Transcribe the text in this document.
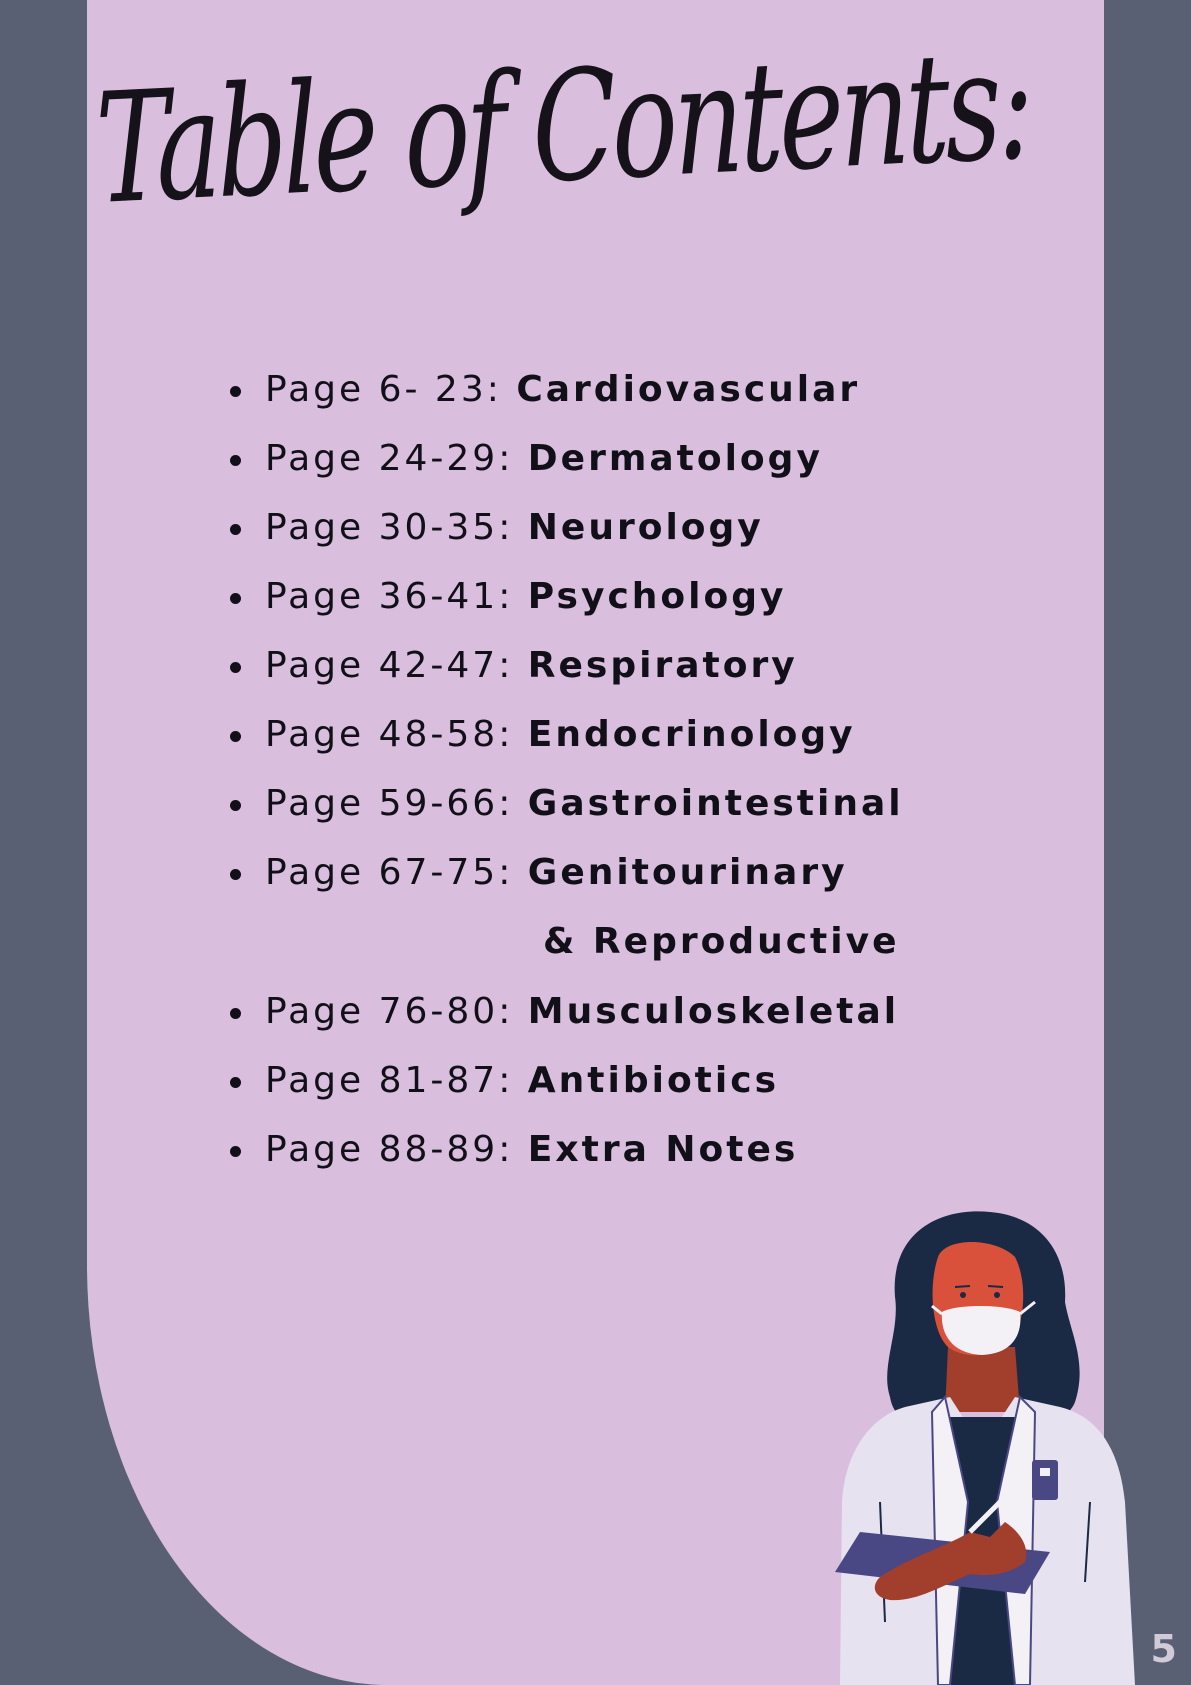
Table of Contents:
Page 6- 23: Cardiovascular
Page 24-29: Dermatology
Page 30-35: Neurology
Page 36-41: Psychology
Page 42-47: Respiratory
Page 48-58: Endocrinology
Page 59-66: Gastrointestinal
Page 67-75: Genitourinary
& Reproductive
Page 76-80: Musculoskeletal
Page 81-87: Antibiotics
Page 88-89: Extra Notes
5
